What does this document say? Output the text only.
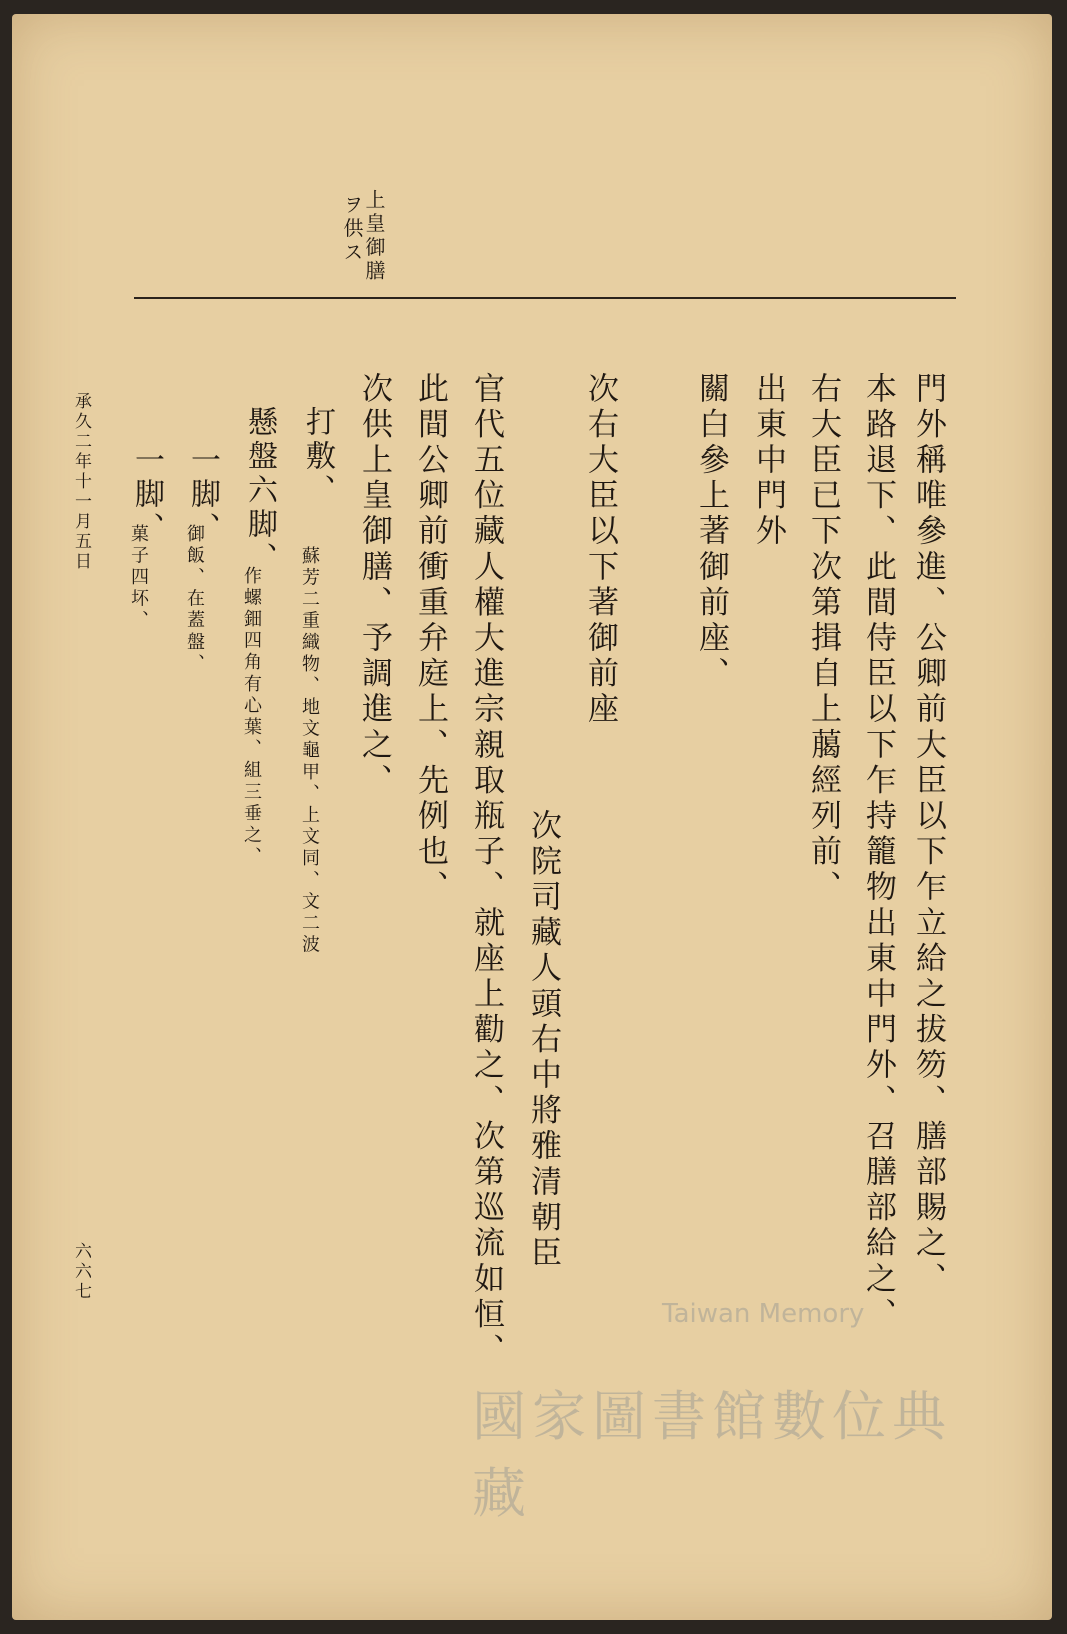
上皇御膳
ヲ供ス
門外稱唯參進、公卿前大臣以下乍立給之拔笏、膳部賜之、
本路退下、此間侍臣以下乍持籠物出東中門外、召膳部給之、
右大臣已下次第揖自上﨟經列前、
出東中門外
關白參上著御前座、
次右大臣以下著御前座
次院司藏人頭右中將雅清朝臣
官代五位藏人權大進宗親取瓶子、就座上勸之、次第巡流如恒、
此間公卿前衝重弁庭上、先例也、
次供上皇御膳、予調進之、
打敷、
蘇芳二重織物、地文龜甲、上文同、文二波
懸盤六脚、
作螺鈿四角有心葉、組三垂之、
一脚、
御飯、在蓋盤、
一脚、
菓子四坏、
承久二年十一月五日
六六七
Taiwan Memory
國家圖書館數位典藏
